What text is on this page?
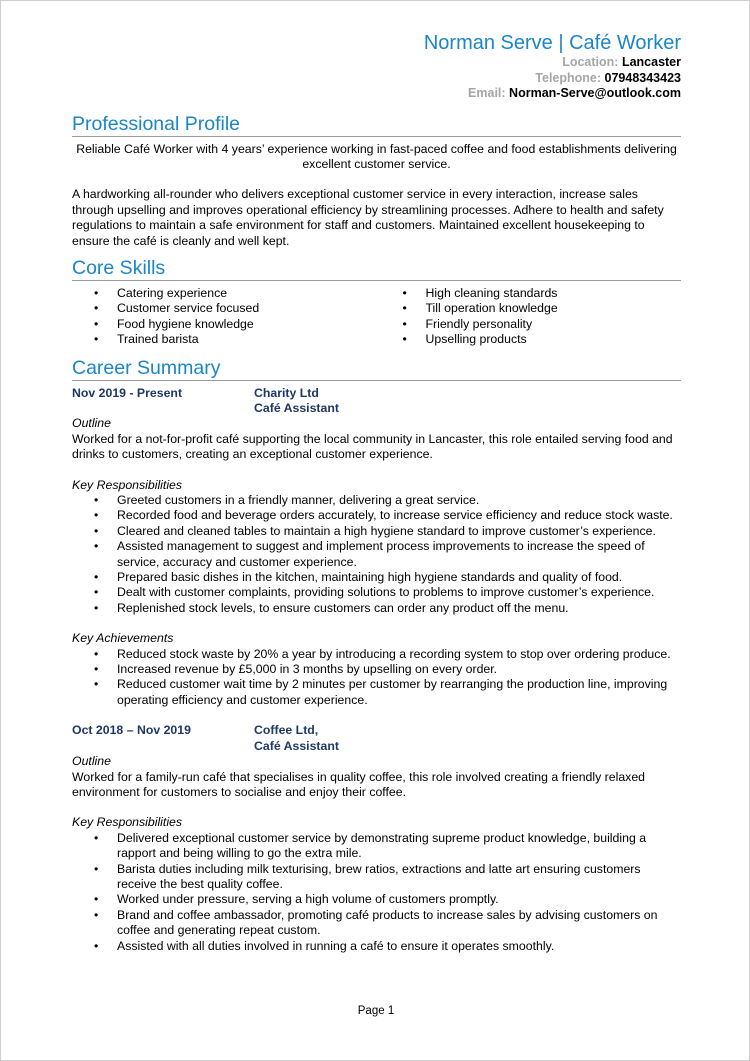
Norman Serve | Café Worker
Location: Lancaster
Telephone: 07948343423
Email: Norman-Serve@outlook.com
Professional Profile

Reliable Café Worker with 4 years’ experience working in fast-paced coffee and food establishments delivering excellent customer service.

A hardworking all-rounder who delivers exceptional customer service in every interaction, increase sales through upselling and improves operational efficiency by streamlining processes. Adhere to health and safety regulations to maintain a safe environment for staff and customers. Maintained excellent housekeeping to ensure the café is cleanly and well kept.

Core Skills
• Catering experience
• Customer service focused
• Food hygiene knowledge
• Trained barista
• High cleaning standards
• Till operation knowledge
• Friendly personality
• Upselling products
Career Summary
Nov 2019 - Present	Charity Ltd
Café Assistant
Outline

Worked for a not-for-profit café supporting the local community in Lancaster, this role entailed serving food and drinks to customers, creating an exceptional customer experience.

Key Responsibilities
• Greeted customers in a friendly manner, delivering a great service.
• Recorded food and beverage orders accurately, to increase service efficiency and reduce stock waste.
• Cleared and cleaned tables to maintain a high hygiene standard to improve customer’s experience.
• Assisted management to suggest and implement process improvements to increase the speed of service, accuracy and customer experience.
• Prepared basic dishes in the kitchen, maintaining high hygiene standards and quality of food.
• Dealt with customer complaints, providing solutions to problems to improve customer’s experience.
• Replenished stock levels, to ensure customers can order any product off the menu.
Key Achievements
• Reduced stock waste by 20% a year by introducing a recording system to stop over ordering produce.
• Increased revenue by £5,000 in 3 months by upselling on every order.
• Reduced customer wait time by 2 minutes per customer by rearranging the production line, improving operating efficiency and customer experience.
Oct 2018 – Nov 2019	Coffee Ltd,
Café Assistant
Outline

Worked for a family-run café that specialises in quality coffee, this role involved creating a friendly relaxed environment for customers to socialise and enjoy their coffee.

Key Responsibilities
• Delivered exceptional customer service by demonstrating supreme product knowledge, building a rapport and being willing to go the extra mile.
• Barista duties including milk texturising, brew ratios, extractions and latte art ensuring customers receive the best quality coffee.
• Worked under pressure, serving a high volume of customers promptly.
• Brand and coffee ambassador, promoting café products to increase sales by advising customers on coffee and generating repeat custom.
• Assisted with all duties involved in running a café to ensure it operates smoothly.
Page 1
